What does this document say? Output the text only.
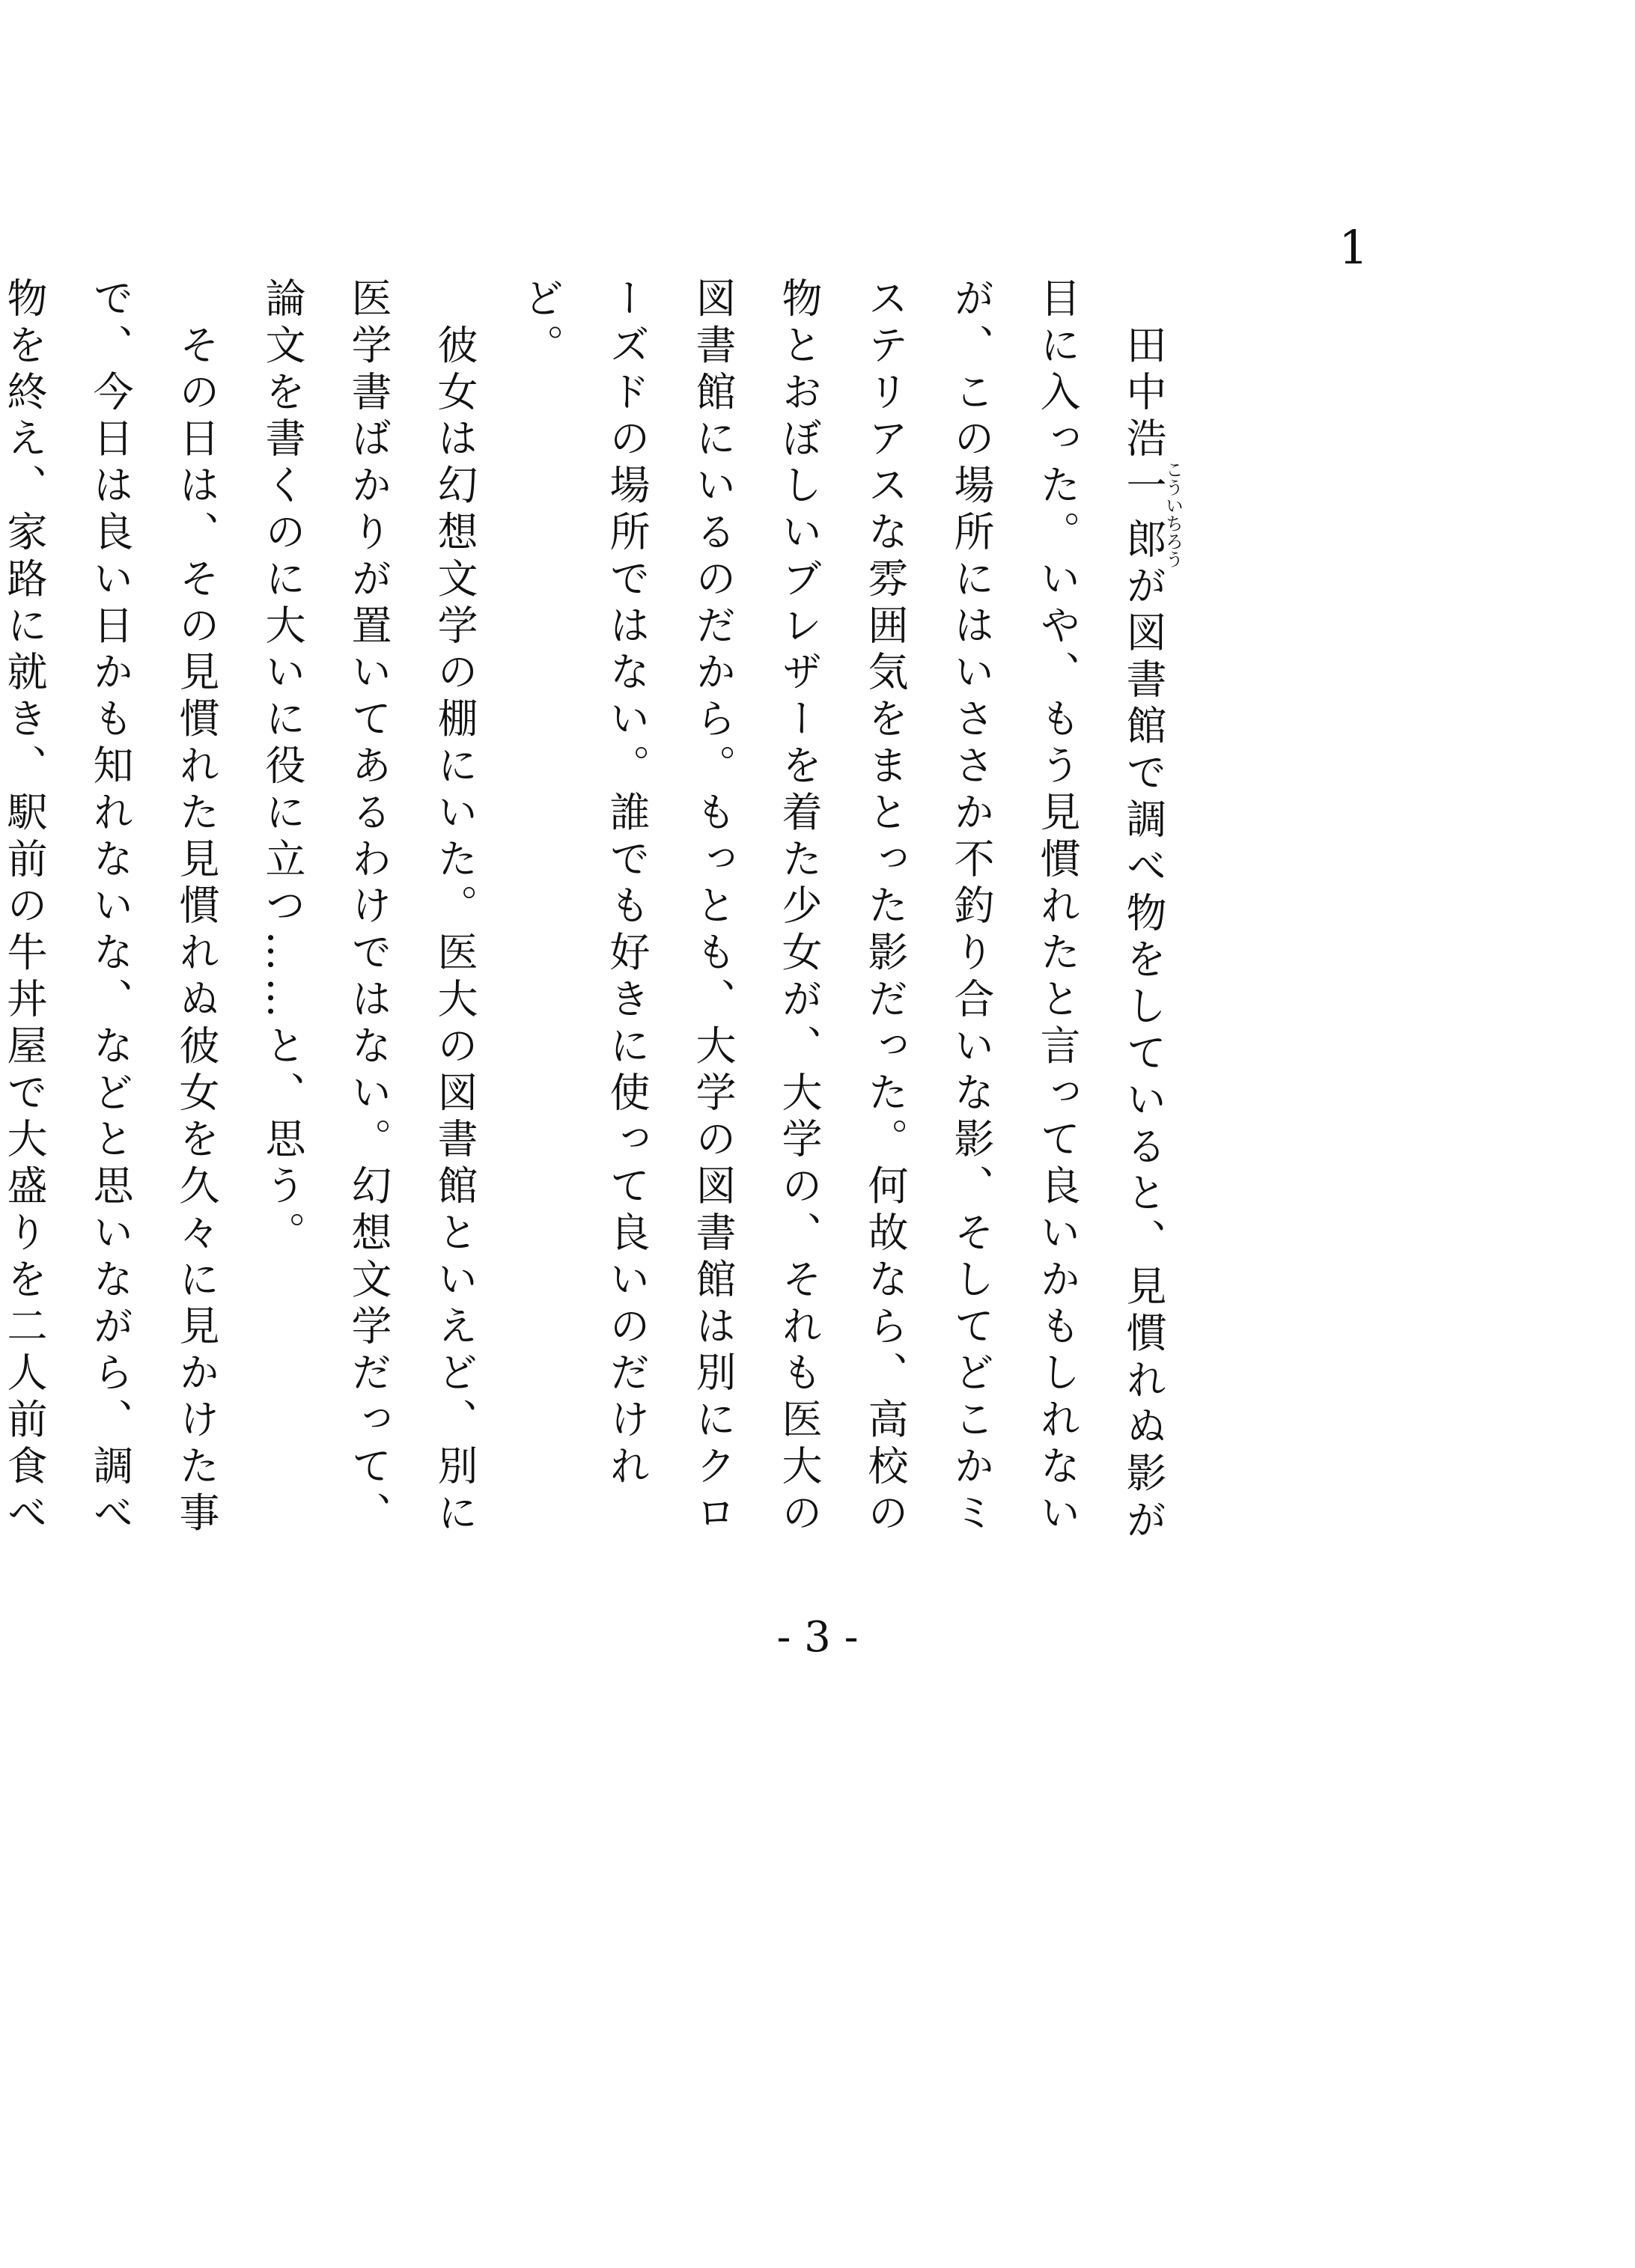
1

　田中浩一郎こういちろうが図書館で調べ物をしていると、見慣れぬ影が目に入った。いや、もう見慣れたと言って良いかもしれないが、この場所にはいささか不釣り合いな影、そしてどこかミステリアスな雰囲気をまとった影だった。何故なら、高校の物とおぼしいブレザーを着た少女が、大学の、それも医大の図書館にいるのだから。もっとも、大学の図書館は別にクローズドの場所ではない。誰でも好きに使って良いのだけれど。

　彼女は幻想文学の棚にいた。医大の図書館といえど、別に医学書ばかりが置いてあるわけではない。幻想文学だって、論文を書くのに大いに役に立つ……と、思う。

　その日は、その見慣れた見慣れぬ彼女を久々に見かけた事で、今日は良い日かも知れないな、などと思いながら、調べ物を終え、家路に就き、駅前の牛丼屋で大盛りを二人前食べ

- 3 -
